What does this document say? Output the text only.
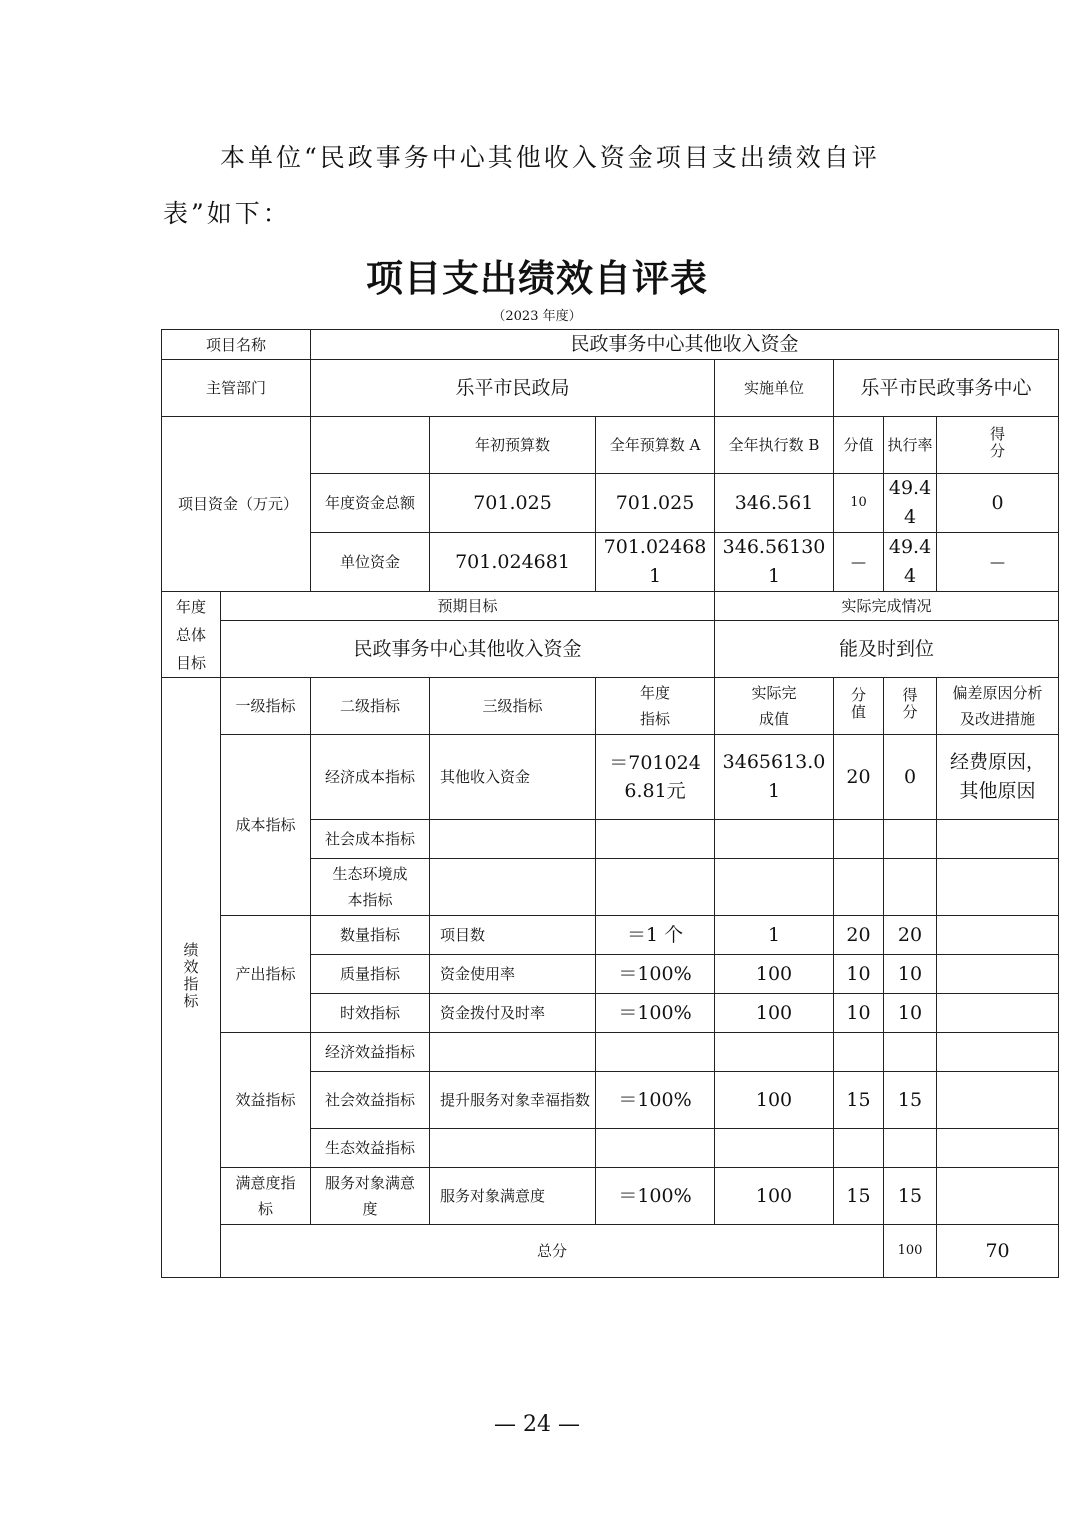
本单位“民政事务中心其他收入资金项目支出绩效自评
表”如下：
项目支出绩效自评表
（2023 年度）
项目名称		民政事务中心其他收入资金							
主管部门		乐平市民政局			实施单位	乐平市民政事务中心			
项目资金（万元）			年初预算数	全年预算数 A	全年执行数 B	分值	执行率	得分	
		年度资金总额	701.025	701.025	346.561	10	49.44	0	
		单位资金	701.024681	701.024681	346.561301	—	49.44	—	
年度总体目标	预期目标				实际完成情况				
	民政事务中心其他收入资金				能及时到位				
绩效指标	一级指标	二级指标	三级指标	年度指标	实际完成值	分值	得分	偏差原因分析及改进措施	
	成本指标	经济成本指标	其他收入资金	＝7010246.81元	3465613.01	20	0	经费原因，其他原因	
		社会成本指标							
		生态环境成本指标							
	产出指标	数量指标	项目数	＝1 个	1	20	20		
		质量指标	资金使用率	＝100%	100	10	10		
		时效指标	资金拨付及时率	＝100%	100	10	10		
	效益指标	经济效益指标							
		社会效益指标	提升服务对象幸福指数	＝100%	100	15	15		
		生态效益指标							
	满意度指标	服务对象满意度	服务对象满意度	＝100%	100	15	15		
	总分						100	70	
— 24 —
